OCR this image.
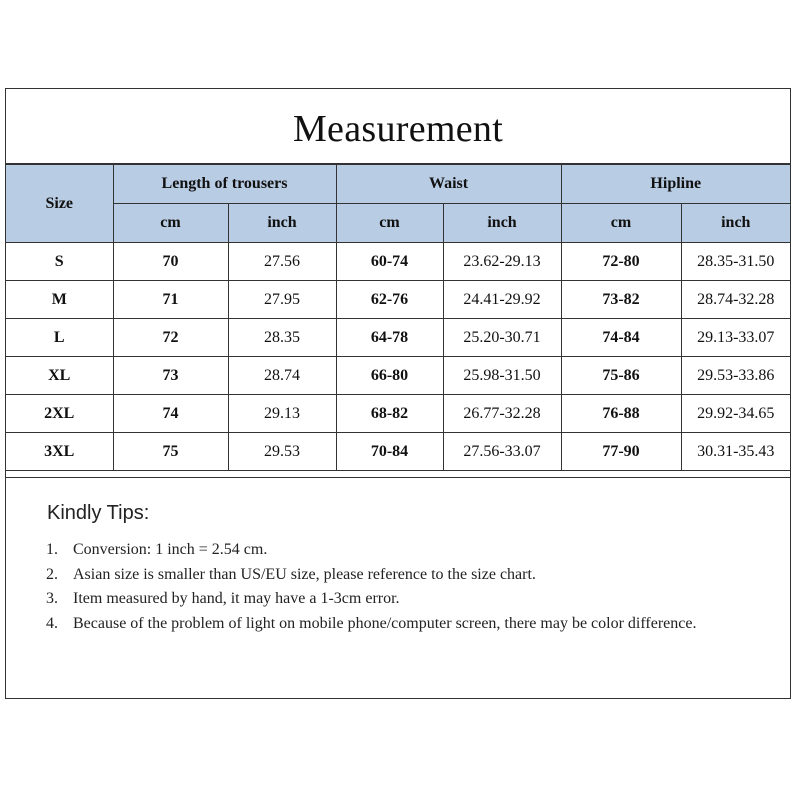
Measurement
Size	Length of trousers		Waist		Hipline	
	cm	inch	cm	inch	cm	inch
S	70	27.56	60-74	23.62-29.13	72-80	28.35-31.50
M	71	27.95	62-76	24.41-29.92	73-82	28.74-32.28
L	72	28.35	64-78	25.20-30.71	74-84	29.13-33.07
XL	73	28.74	66-80	25.98-31.50	75-86	29.53-33.86
2XL	74	29.13	68-82	26.77-32.28	76-88	29.92-34.65
3XL	75	29.53	70-84	27.56-33.07	77-90	30.31-35.43
Kindly Tips:
1. Conversion: 1 inch = 2.54 cm.
2. Asian size is smaller than US/EU size, please reference to the size chart.
3. Item measured by hand, it may have a 1-3cm error.
4. Because of the problem of light on mobile phone/computer screen, there may be color difference.
